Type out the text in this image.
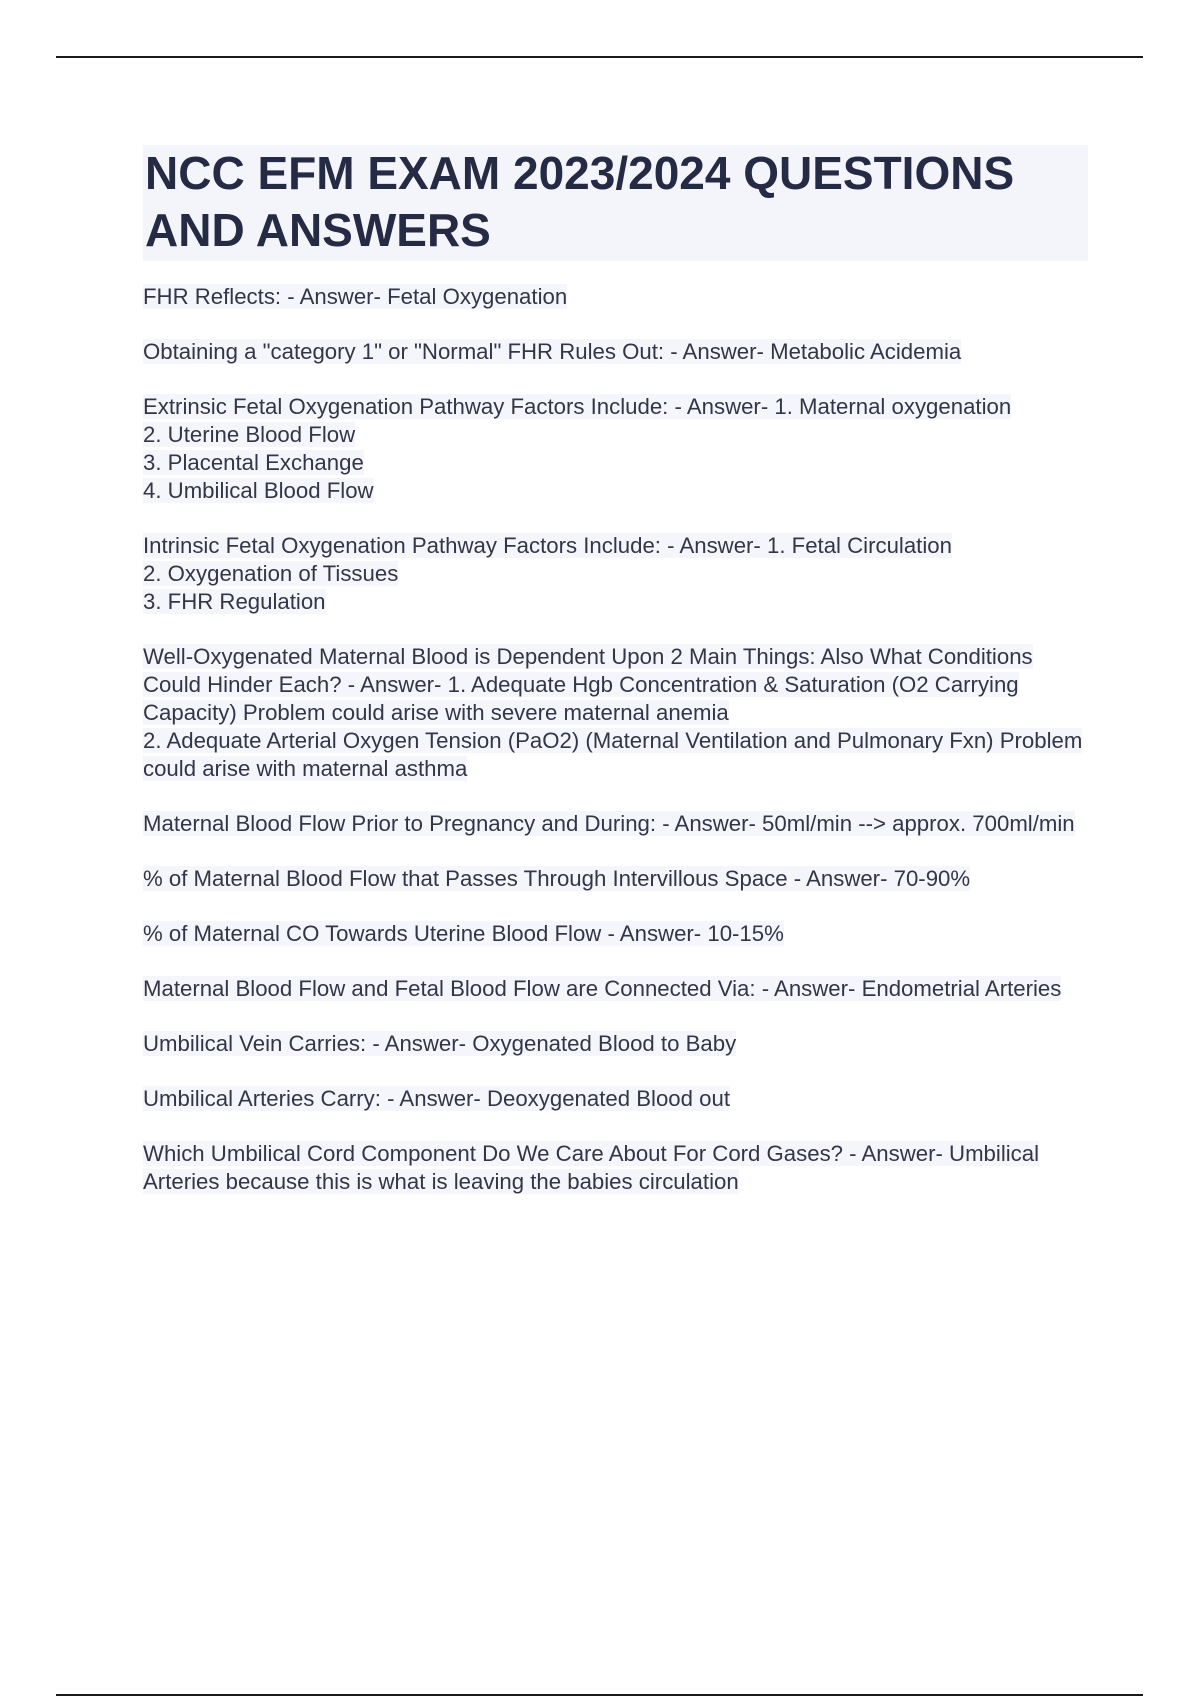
NCC EFM EXAM 2023/2024 QUESTIONS AND ANSWERS

FHR Reflects: - Answer- Fetal Oxygenation

Obtaining a "category 1" or "Normal" FHR Rules Out: - Answer- Metabolic Acidemia

Extrinsic Fetal Oxygenation Pathway Factors Include: - Answer- 1. Maternal oxygenation
2. Uterine Blood Flow
3. Placental Exchange
4. Umbilical Blood Flow

Intrinsic Fetal Oxygenation Pathway Factors Include: - Answer- 1. Fetal Circulation
2. Oxygenation of Tissues
3. FHR Regulation

Well-Oxygenated Maternal Blood is Dependent Upon 2 Main Things: Also What Conditions Could Hinder Each? - Answer- 1. Adequate Hgb Concentration & Saturation (O2 Carrying Capacity) Problem could arise with severe maternal anemia
2. Adequate Arterial Oxygen Tension (PaO2) (Maternal Ventilation and Pulmonary Fxn) Problem could arise with maternal asthma

Maternal Blood Flow Prior to Pregnancy and During: - Answer- 50ml/min --> approx. 700ml/min

% of Maternal Blood Flow that Passes Through Intervillous Space - Answer- 70-90%

% of Maternal CO Towards Uterine Blood Flow - Answer- 10-15%

Maternal Blood Flow and Fetal Blood Flow are Connected Via: - Answer- Endometrial Arteries

Umbilical Vein Carries: - Answer- Oxygenated Blood to Baby

Umbilical Arteries Carry: - Answer- Deoxygenated Blood out

Which Umbilical Cord Component Do We Care About For Cord Gases? - Answer- Umbilical Arteries because this is what is leaving the babies circulation
